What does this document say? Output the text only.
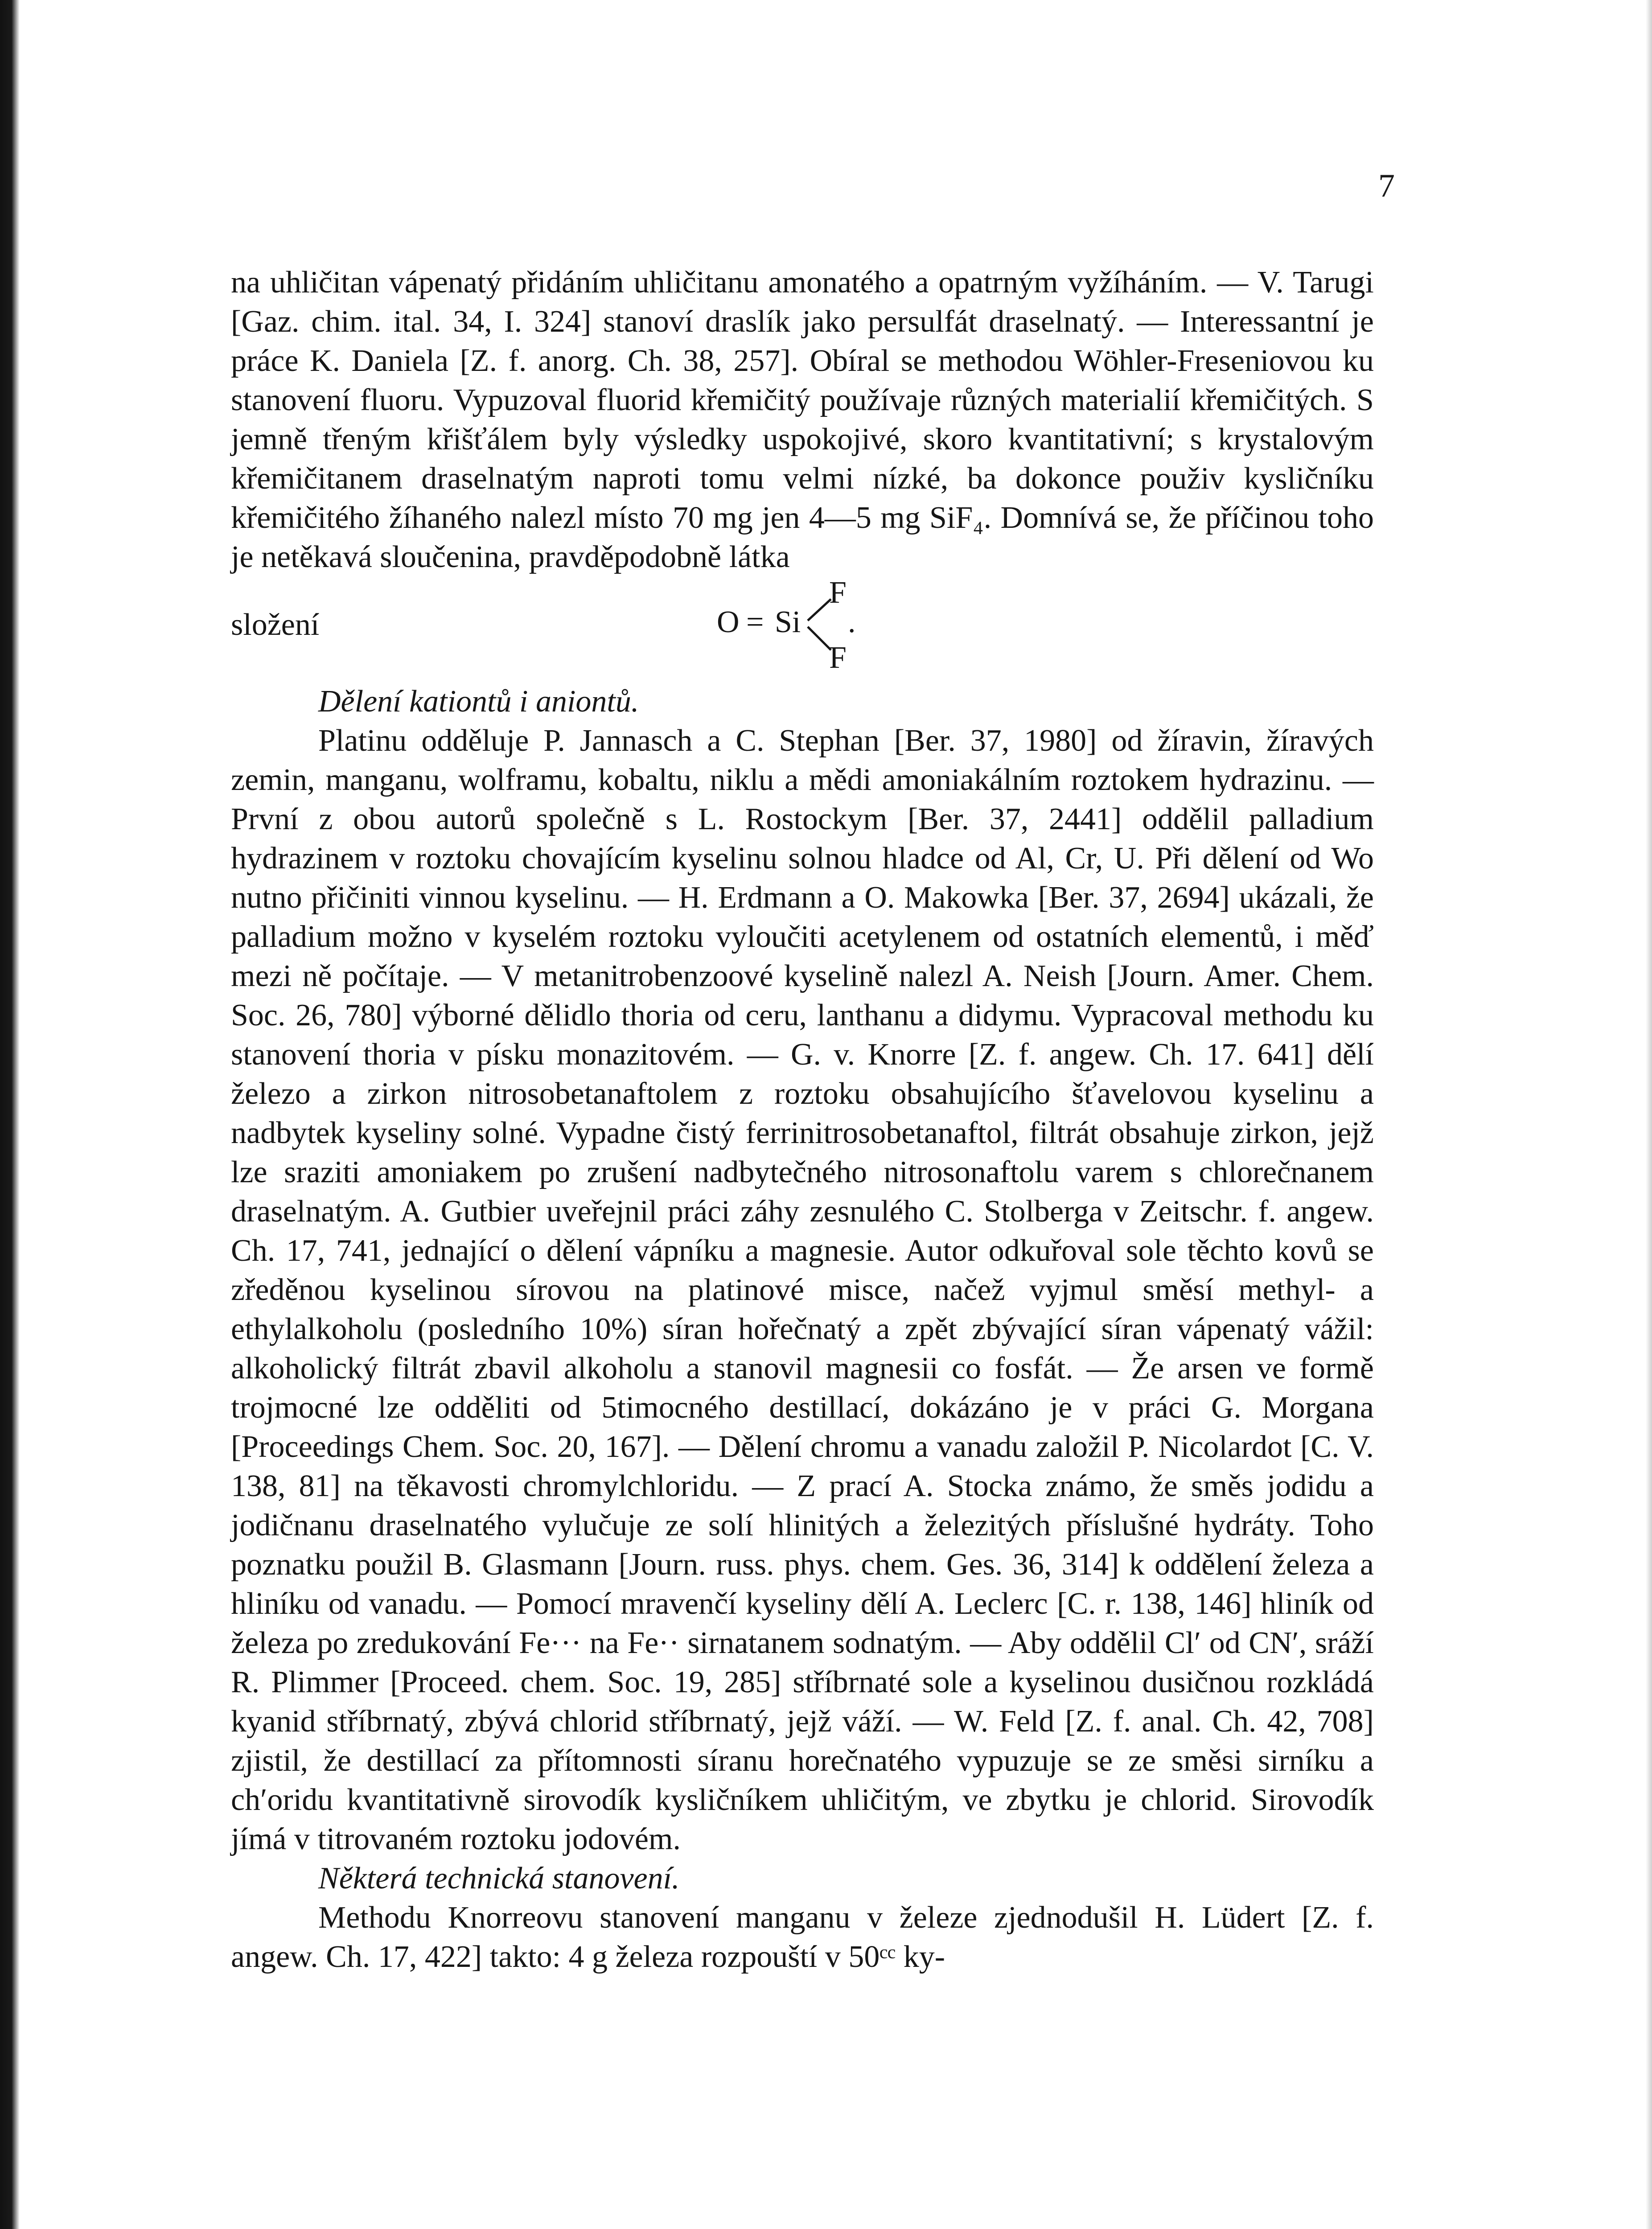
7

na uhličitan vápenatý přidáním uhličitanu amonatého a opatrným vyžíháním. — V. Tarugi [Gaz. chim. ital. 34, I. 324] stanoví draslík jako persulfát draselnatý. — Interessantní je práce K. Daniela [Z. f. anorg. Ch. 38, 257]. Obíral se methodou Wöhler-Freseniovou ku stanovení fluoru. Vypuzoval fluorid křemičitý používaje různých materialií křemičitých. S jemně třeným křišťálem byly výsledky uspokojivé, skoro kvantitativní; s krystalovým křemičitanem draselnatým naproti tomu velmi nízké, ba dokonce použiv kysličníku křemičitého žíhaného nalezl místo 70 mg jen 4—5 mg SiF₄. Domnívá se, že příčinou toho je netěkavá sloučenina, pravděpodobně látka

složení	O = Si
F
F
.

Dělení kationtů i aniontů.

Platinu odděluje P. Jannasch a C. Stephan [Ber. 37, 1980] od žíravin, žíravých zemin, manganu, wolframu, kobaltu, niklu a mědi amoniakálním roztokem hydrazinu. — První z obou autorů společně s L. Rostockym [Ber. 37, 2441] oddělil palladium hydrazinem v roztoku chovajícím kyselinu solnou hladce od Al, Cr, U. Při dělení od Wo nutno přičiniti vinnou kyselinu. — H. Erdmann a O. Makowka [Ber. 37, 2694] ukázali, že palladium možno v kyselém roztoku vyloučiti acetylenem od ostatních elementů, i měď mezi ně počítaje. — V metanitrobenzoové kyselině nalezl A. Neish [Journ. Amer. Chem. Soc. 26, 780] výborné dělidlo thoria od ceru, lanthanu a didymu. Vypracoval methodu ku stanovení thoria v písku monazitovém. — G. v. Knorre [Z. f. angew. Ch. 17. 641] dělí železo a zirkon nitrosobetanaftolem z roztoku obsahujícího šťavelovou kyselinu a nadbytek kyseliny solné. Vypadne čistý ferrinitrosobetanaftol, filtrát obsahuje zirkon, jejž lze sraziti amoniakem po zrušení nadbytečného nitrosonaftolu varem s chlorečnanem draselnatým. A. Gutbier uveřejnil práci záhy zesnulého C. Stolberga v Zeitschr. f. angew. Ch. 17, 741, jednající o dělení vápníku a magnesie. Autor odkuřoval sole těchto kovů se zředěnou kyselinou sírovou na platinové misce, načež vyjmul směsí methyl- a ethylalkoholu (posledního 10%) síran hořečnatý a zpět zbývající síran vápenatý vážil: alkoholický filtrát zbavil alkoholu a stanovil magnesii co fosfát. — Že arsen ve formě trojmocné lze odděliti od 5timocného destillací, dokázáno je v práci G. Morgana [Proceedings Chem. Soc. 20, 167]. — Dělení chromu a vanadu založil P. Nicolardot [C. V. 138, 81] na těkavosti chromylchloridu. — Z prací A. Stocka známo, že směs jodidu a jodičnanu draselnatého vylučuje ze solí hlinitých a železitých příslušné hydráty. Toho poznatku použil B. Glasmann [Journ. russ. phys. chem. Ges. 36, 314] k oddělení železa a hliníku od vanadu. — Pomocí mravenčí kyseliny dělí A. Leclerc [C. r. 138, 146] hliník od železa po zredukování Fe··· na Fe·· sirnatanem sodnatým. — Aby oddělil Cl′ od CN′, sráží R. Plimmer [Proceed. chem. Soc. 19, 285] stříbrnaté sole a kyselinou dusičnou rozkládá kyanid stříbrnatý, zbývá chlorid stříbrnatý, jejž váží. — W. Feld [Z. f. anal. Ch. 42, 708] zjistil, že destillací za přítomnosti síranu horečnatého vypuzuje se ze směsi sirníku a ch′oridu kvantitativně sirovodík kysličníkem uhličitým, ve zbytku je chlorid. Sirovodík jímá v titrovaném roztoku jodovém.

Některá technická stanovení.

Methodu Knorreovu stanovení manganu v železe zjednodušil H. Lüdert [Z. f. angew. Ch. 17, 422] takto: 4 g železa rozpouští v 50ᶜᶜ ky-
